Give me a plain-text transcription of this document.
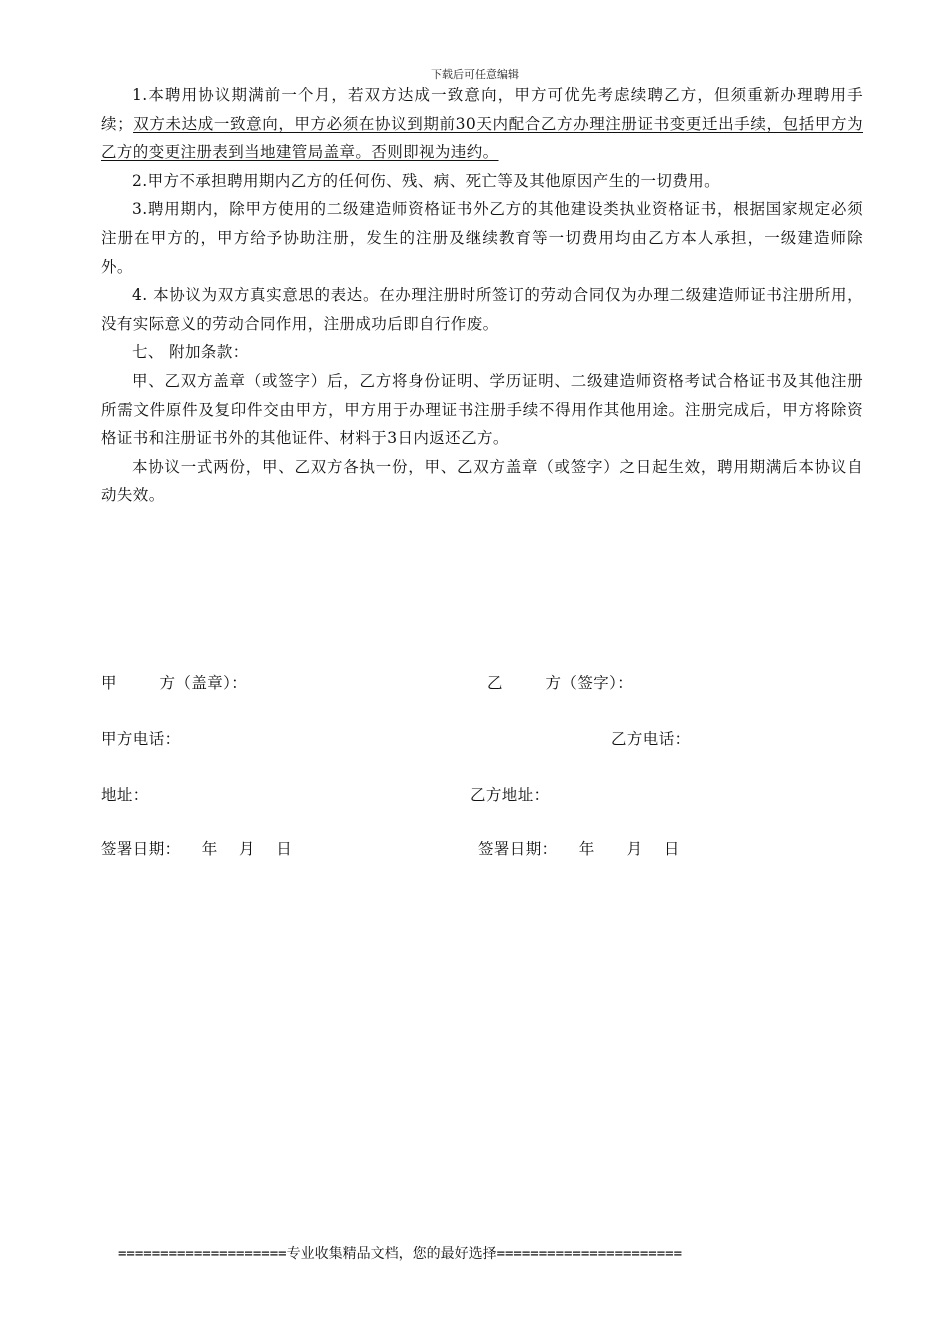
下载后可任意编辑

1.本聘用协议期满前一个月，若双方达成一致意向，甲方可优先考虑续聘乙方，但须重新办理聘用手续；双方未达成一致意向，甲方必须在协议到期前30天内配合乙方办理注册证书变更迁出手续，包括甲方为乙方的变更注册表到当地建管局盖章。否则即视为违约。

2.甲方不承担聘用期内乙方的任何伤、残、病、死亡等及其他原因产生的一切费用。

3.聘用期内，除甲方使用的二级建造师资格证书外乙方的其他建设类执业资格证书，根据国家规定必须注册在甲方的，甲方给予协助注册，发生的注册及继续教育等一切费用均由乙方本人承担，一级建造师除外。

4. 本协议为双方真实意思的表达。在办理注册时所签订的劳动合同仅为办理二级建造师证书注册所用，没有实际意义的劳动合同作用，注册成功后即自行作废。

七、 附加条款：

甲、乙双方盖章（或签字）后，乙方将身份证明、学历证明、二级建造师资格考试合格证书及其他注册所需文件原件及复印件交由甲方，甲方用于办理证书注册手续不得用作其他用途。注册完成后，甲方将除资格证书和注册证书外的其他证件、材料于3日内返还乙方。

本协议一式两份，甲、乙双方各执一份，甲、乙双方盖章（或签字）之日起生效，聘用期满后本协议自动失效。

甲        方（盖章）：	乙        方（签字）：
甲方电话：	乙方电话：
地址：	乙方地址：
签署日期：    年    月    日	签署日期：    年      月    日
====================专业收集精品文档，您的最好选择======================
